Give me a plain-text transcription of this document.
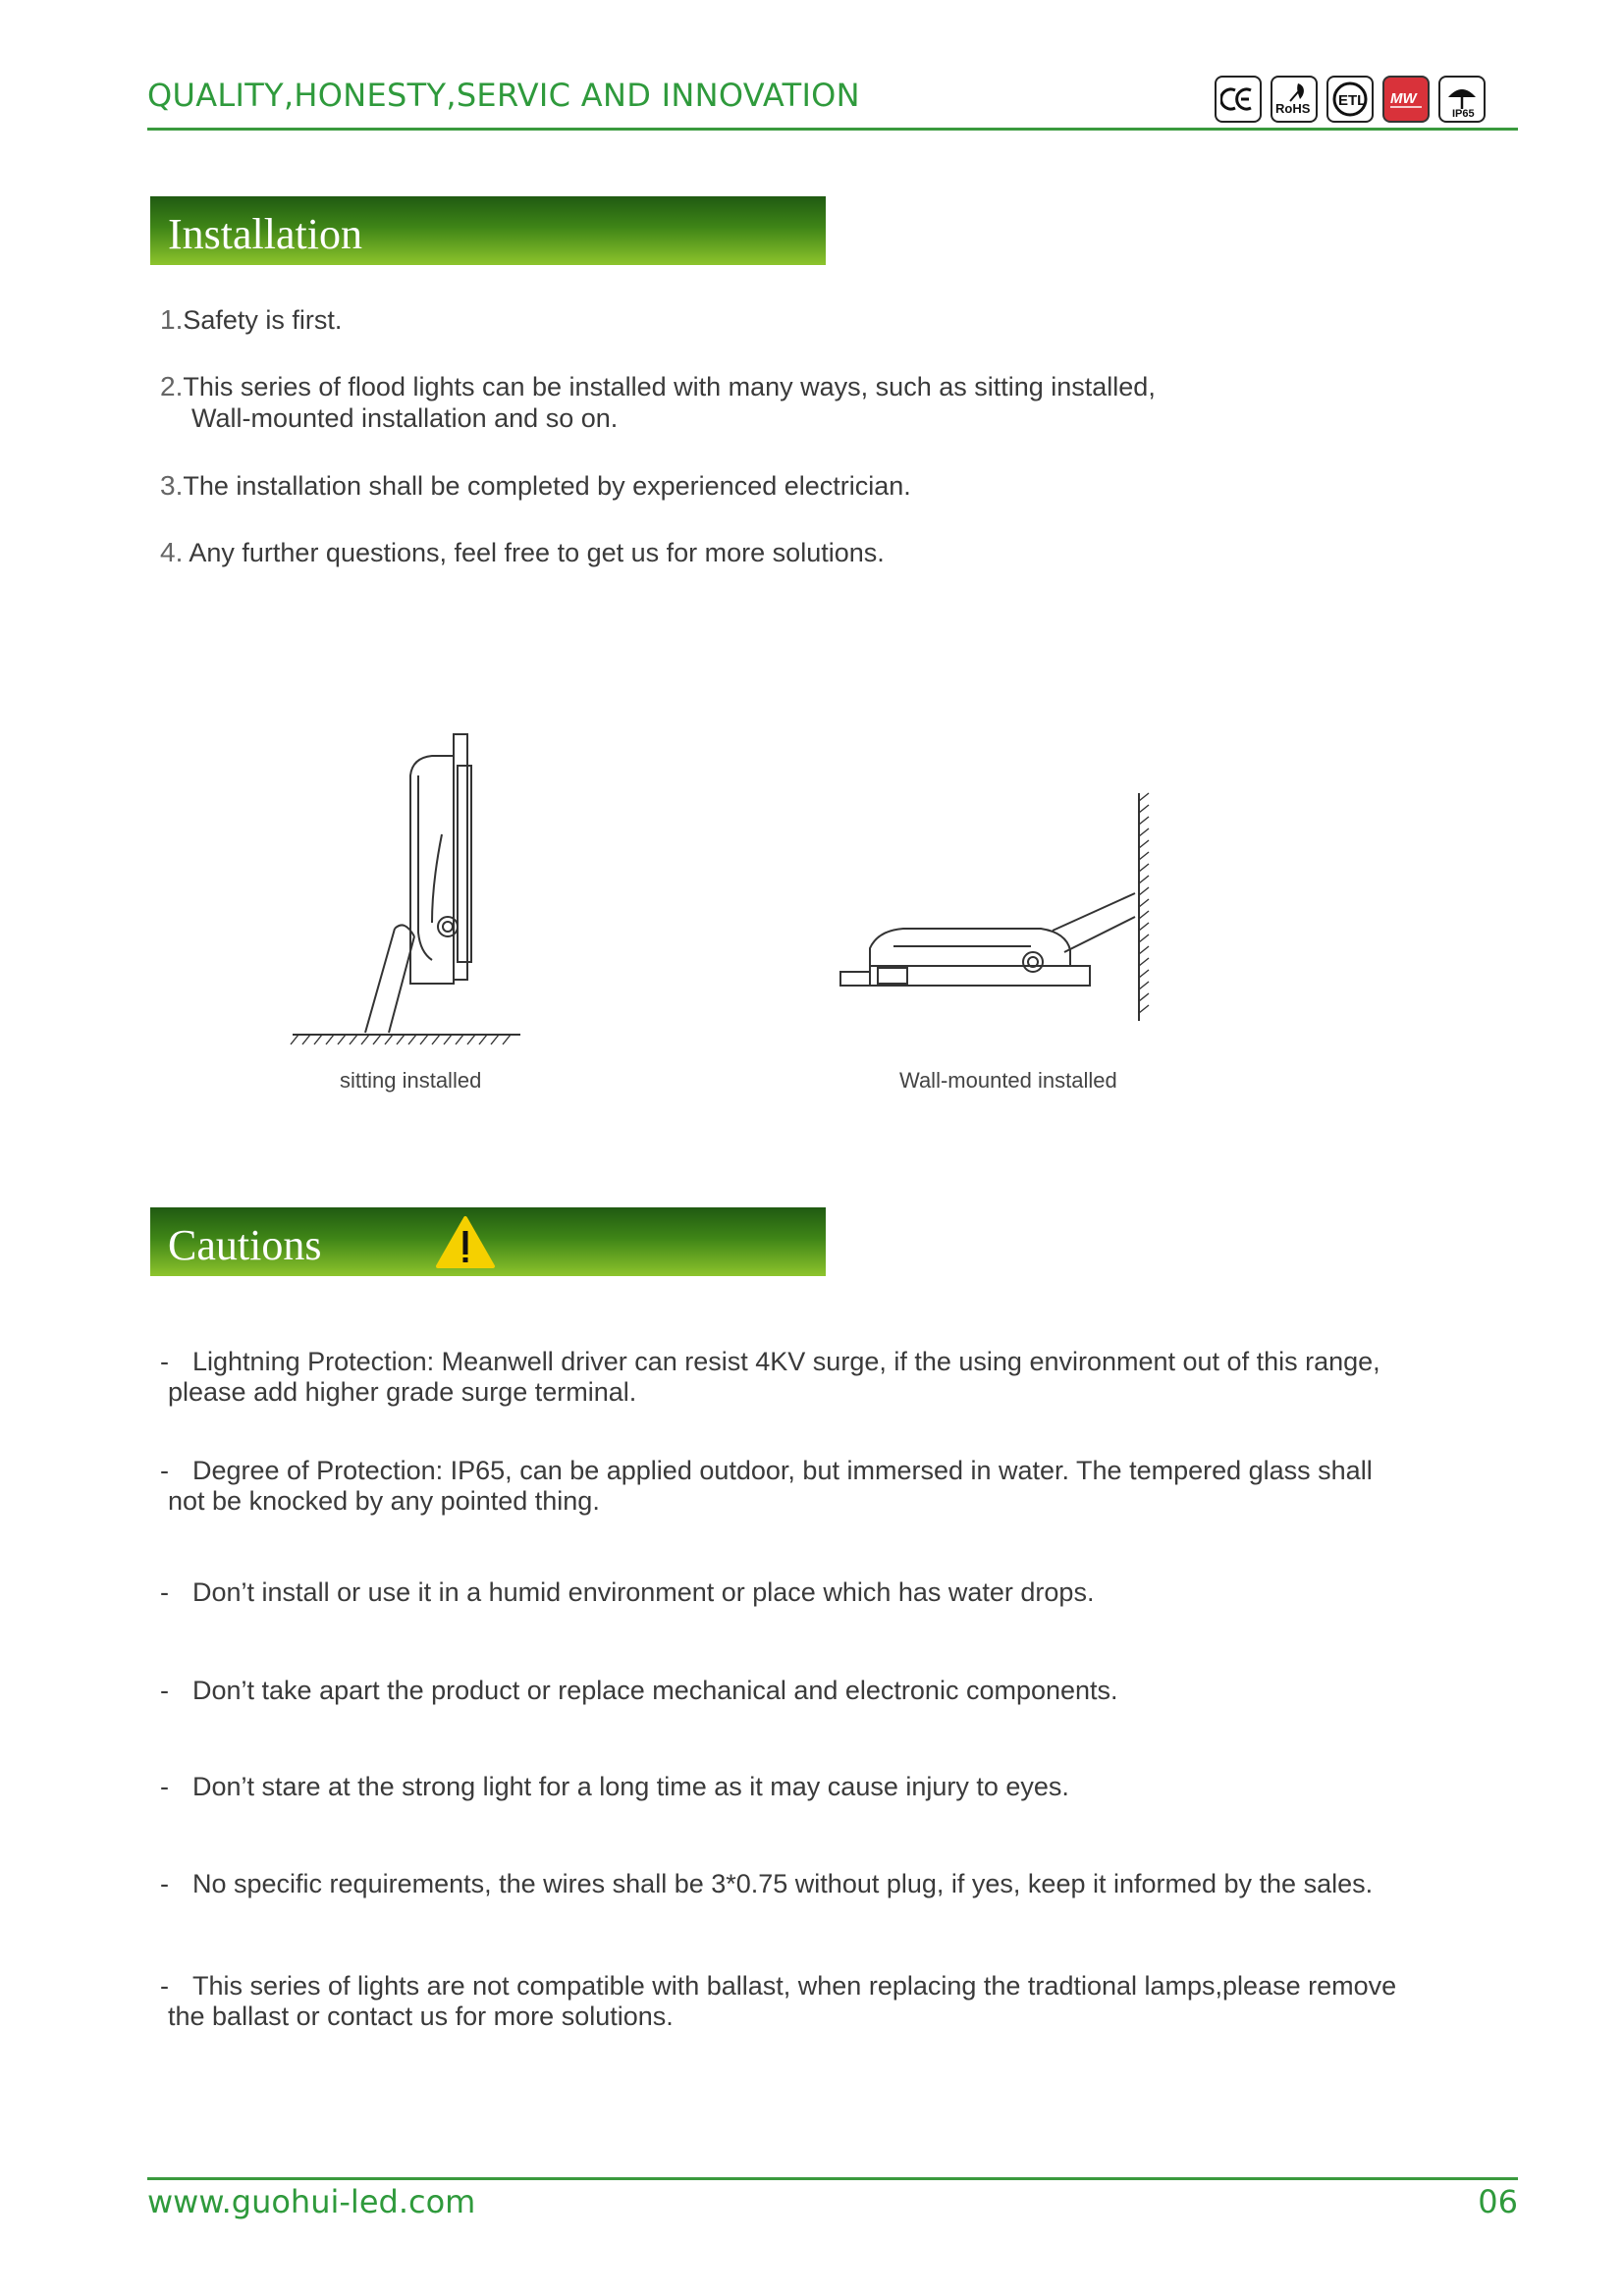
QUALITY,HONESTY,SERVIC AND INNOVATION	RoHS ETL MW
IP65
Installation
1.Safety is first.
2.This series of flood lights can be installed with many ways, such as sitting installed,
Wall-mounted installation and so on.
3.The installation shall be completed by experienced electrician.
4. Any further questions, feel free to get us for more solutions.
sitting installed	Wall-mounted installed
Cautions
- Lightning Protection: Meanwell driver can resist 4KV surge, if the using environment out of this range,
please add higher grade surge terminal.
- Degree of Protection: IP65, can be applied outdoor, but immersed in water. The tempered glass shall
not be knocked by any pointed thing.
- Don’t install or use it in a humid environment or place which has water drops.
- Don’t take apart the product or replace mechanical and electronic components.
- Don’t stare at the strong light for a long time as it may cause injury to eyes.
- No specific requirements, the wires shall be 3*0.75 without plug, if yes, keep it informed by the sales.
- This series of lights are not compatible with ballast, when replacing the tradtional lamps,please remove
the ballast or contact us for more solutions.
www.guohui-led.com	06
